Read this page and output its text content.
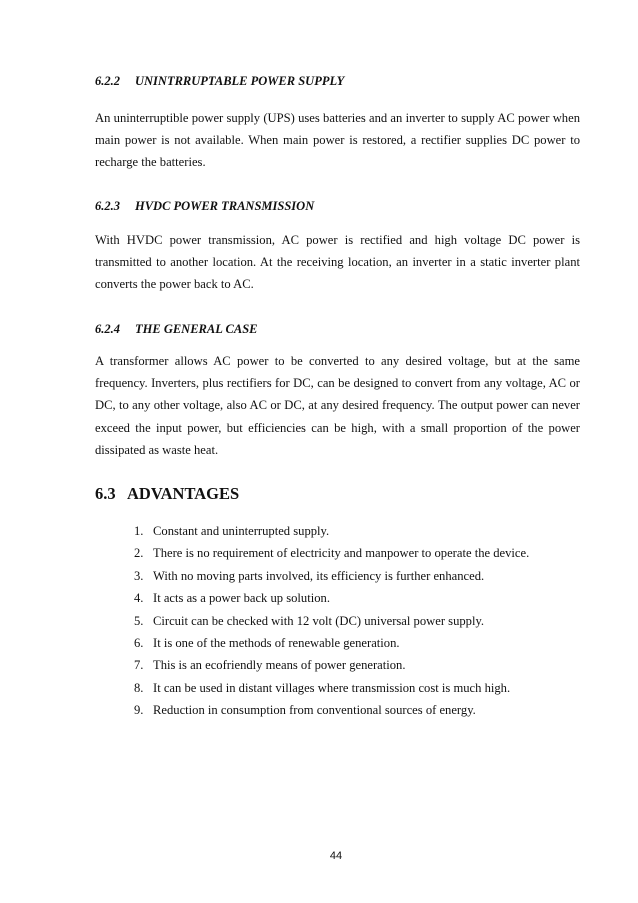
6.2.2 UNINTRRUPTABLE POWER SUPPLY
An uninterruptible power supply (UPS) uses batteries and an inverter to supply AC power when main power is not available. When main power is restored, a rectifier supplies DC power to recharge the batteries.
6.2.3 HVDC POWER TRANSMISSION
With HVDC power transmission, AC power is rectified and high voltage DC power is transmitted to another location. At the receiving location, an inverter in a static inverter plant converts the power back to AC.
6.2.4 THE GENERAL CASE
A transformer allows AC power to be converted to any desired voltage, but at the same frequency. Inverters, plus rectifiers for DC, can be designed to convert from any voltage, AC or DC, to any other voltage, also AC or DC, at any desired frequency. The output power can never exceed the input power, but efficiencies can be high, with a small proportion of the power dissipated as waste heat.
6.3 ADVANTAGES
1. Constant and uninterrupted supply.
2. There is no requirement of electricity and manpower to operate the device.
3. With no moving parts involved, its efficiency is further enhanced.
4. It acts as a power back up solution.
5. Circuit can be checked with 12 volt (DC) universal power supply.
6. It is one of the methods of renewable generation.
7. This is an ecofriendly means of power generation.
8. It can be used in distant villages where transmission cost is much high.
9. Reduction in consumption from conventional sources of energy.
44
